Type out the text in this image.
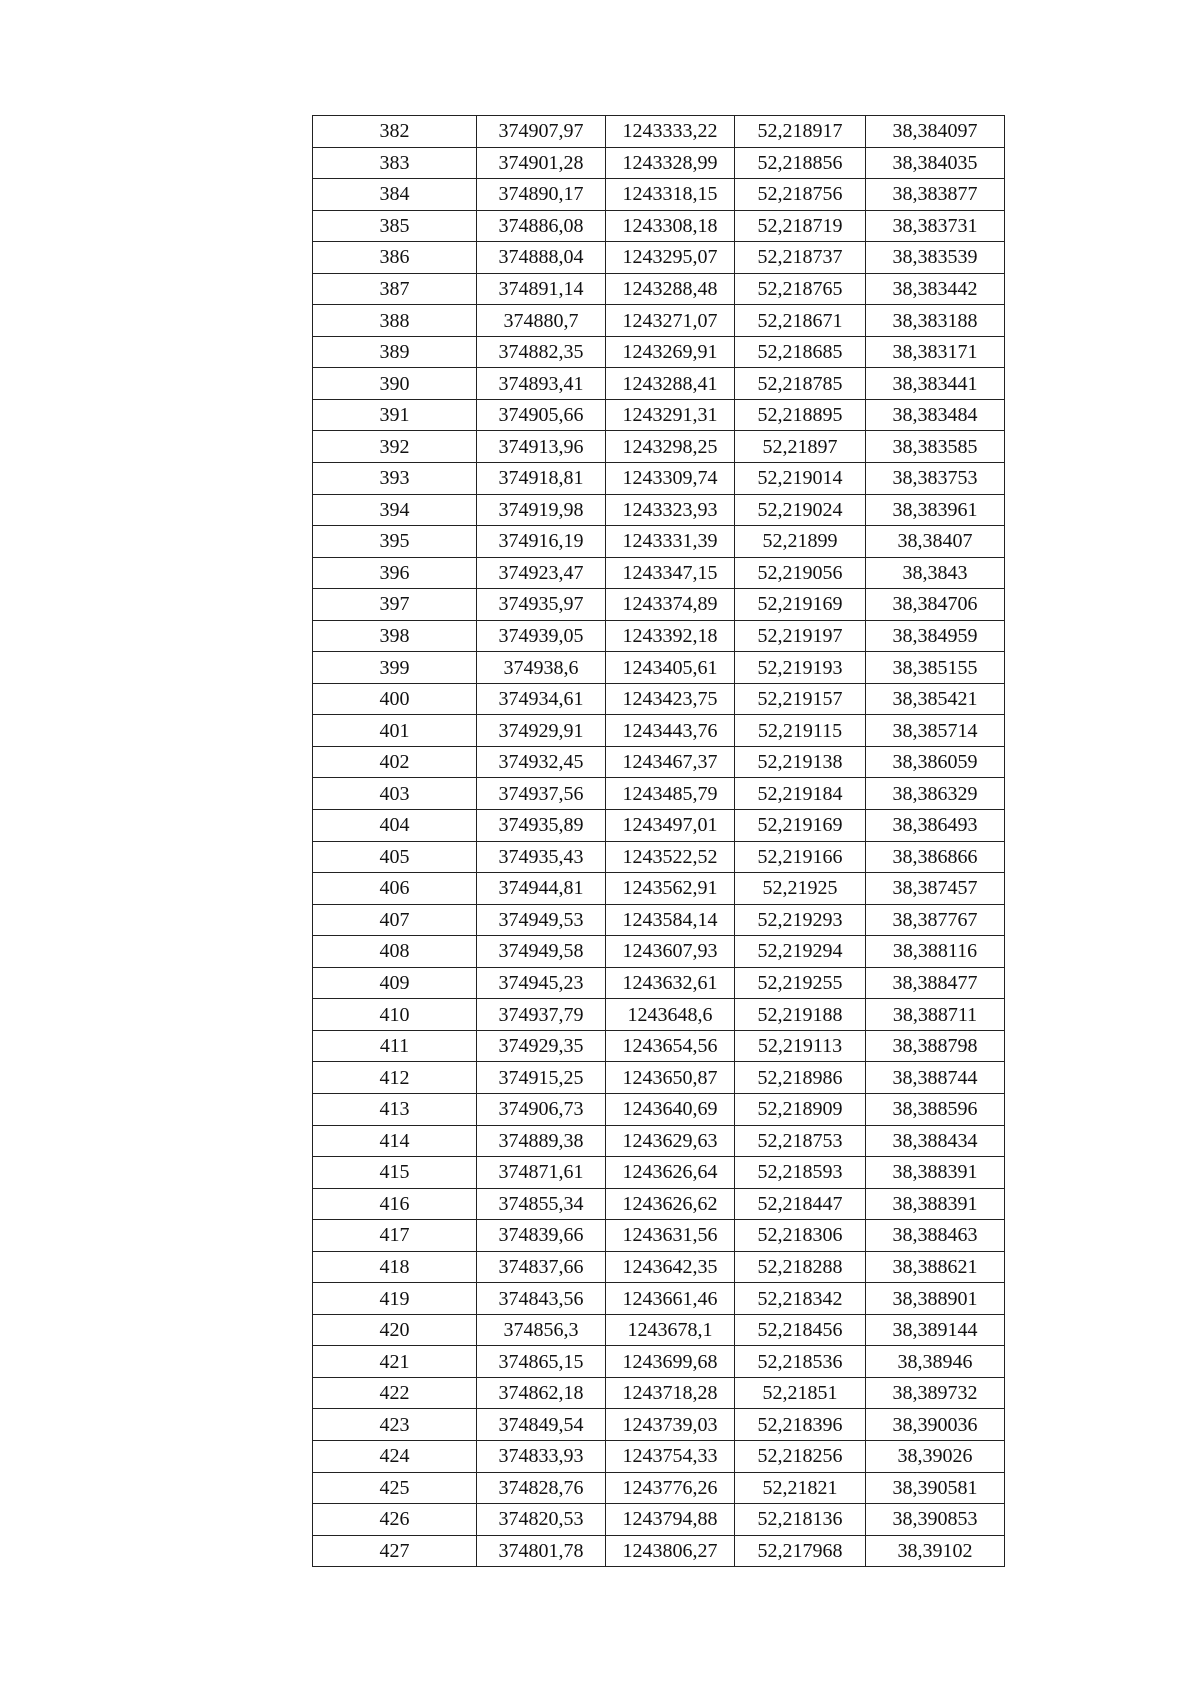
382	374907,97	1243333,22	52,218917	38,384097
383	374901,28	1243328,99	52,218856	38,384035
384	374890,17	1243318,15	52,218756	38,383877
385	374886,08	1243308,18	52,218719	38,383731
386	374888,04	1243295,07	52,218737	38,383539
387	374891,14	1243288,48	52,218765	38,383442
388	374880,7	1243271,07	52,218671	38,383188
389	374882,35	1243269,91	52,218685	38,383171
390	374893,41	1243288,41	52,218785	38,383441
391	374905,66	1243291,31	52,218895	38,383484
392	374913,96	1243298,25	52,21897	38,383585
393	374918,81	1243309,74	52,219014	38,383753
394	374919,98	1243323,93	52,219024	38,383961
395	374916,19	1243331,39	52,21899	38,38407
396	374923,47	1243347,15	52,219056	38,3843
397	374935,97	1243374,89	52,219169	38,384706
398	374939,05	1243392,18	52,219197	38,384959
399	374938,6	1243405,61	52,219193	38,385155
400	374934,61	1243423,75	52,219157	38,385421
401	374929,91	1243443,76	52,219115	38,385714
402	374932,45	1243467,37	52,219138	38,386059
403	374937,56	1243485,79	52,219184	38,386329
404	374935,89	1243497,01	52,219169	38,386493
405	374935,43	1243522,52	52,219166	38,386866
406	374944,81	1243562,91	52,21925	38,387457
407	374949,53	1243584,14	52,219293	38,387767
408	374949,58	1243607,93	52,219294	38,388116
409	374945,23	1243632,61	52,219255	38,388477
410	374937,79	1243648,6	52,219188	38,388711
411	374929,35	1243654,56	52,219113	38,388798
412	374915,25	1243650,87	52,218986	38,388744
413	374906,73	1243640,69	52,218909	38,388596
414	374889,38	1243629,63	52,218753	38,388434
415	374871,61	1243626,64	52,218593	38,388391
416	374855,34	1243626,62	52,218447	38,388391
417	374839,66	1243631,56	52,218306	38,388463
418	374837,66	1243642,35	52,218288	38,388621
419	374843,56	1243661,46	52,218342	38,388901
420	374856,3	1243678,1	52,218456	38,389144
421	374865,15	1243699,68	52,218536	38,38946
422	374862,18	1243718,28	52,21851	38,389732
423	374849,54	1243739,03	52,218396	38,390036
424	374833,93	1243754,33	52,218256	38,39026
425	374828,76	1243776,26	52,21821	38,390581
426	374820,53	1243794,88	52,218136	38,390853
427	374801,78	1243806,27	52,217968	38,39102
